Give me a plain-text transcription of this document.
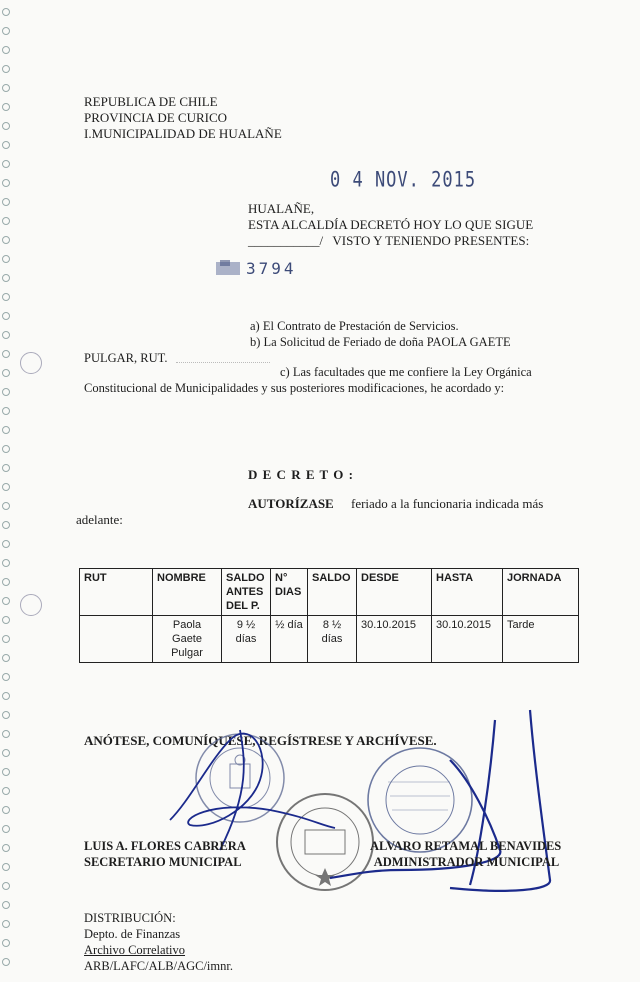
REPUBLICA DE CHILE
PROVINCIA DE CURICO
I.MUNICIPALIDAD DE HUALAÑE
0 4 NOV. 2015
HUALAÑE,
ESTA ALCALDÍA DECRETÓ HOY LO QUE SIGUE
___________/ VISTO Y TENIENDO PRESENTES:
3794
a) El Contrato de Prestación de Servicios.
b) La Solicitud de Feriado de doña PAOLA GAETE
PULGAR, RUT.
c) Las facultades que me confiere la Ley Orgánica
Constitucional de Municipalidades y sus posteriores modificaciones, he acordado y:
D E C R E T O :
AUTORÍZASE feriado a la funcionaria indicada más
adelante:
RUT	NOMBRE	SALDO ANTES DEL P.	N° DIAS	SALDO	DESDE	HASTA	JORNADA
	Paola Gaete Pulgar	9 ½ días	½ día	8 ½ días	30.10.2015	30.10.2015	Tarde
ANÓTESE, COMUNÍQUESE, REGÍSTRESE Y ARCHÍVESE.
LUIS A. FLORES CABRERA
SECRETARIO MUNICIPAL
ALVARO RETAMAL BENAVIDES
ADMINISTRADOR MUNICIPAL
DISTRIBUCIÓN:
Depto. de Finanzas
Archivo Correlativo
ARB/LAFC/ALB/AGC/imnr.
